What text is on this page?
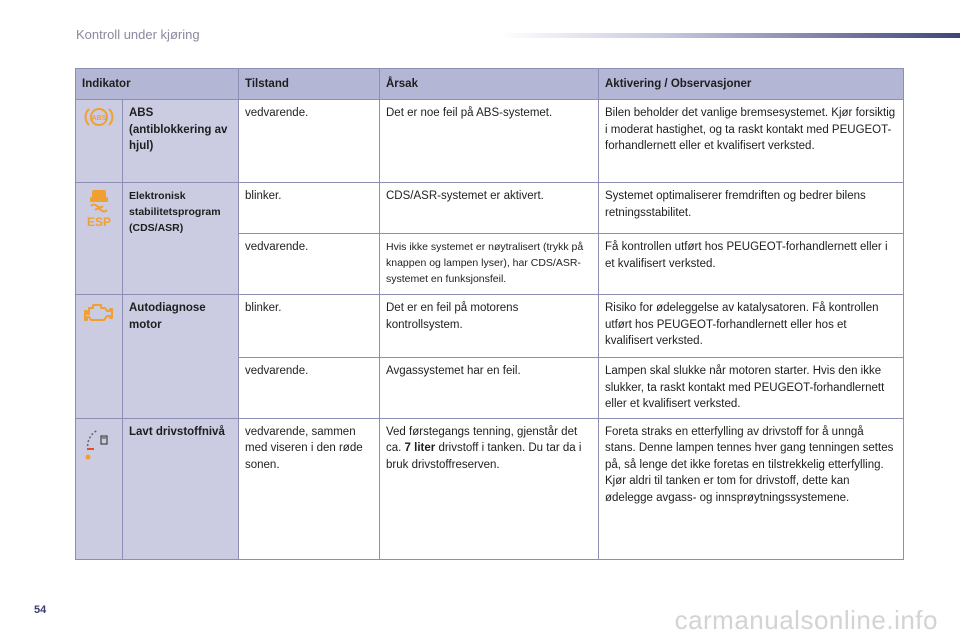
Kontroll under kjøring
Indikator		Tilstand	Årsak	Aktivering / Observasjoner

ABS	ABS (antiblokkering av hjul)	vedvarende.	Det er noe feil på ABS-systemet.	Bilen beholder det vanlige bremsesystemet. Kjør forsiktig i moderat hastighet, og ta raskt kontakt med PEUGEOT-forhandlernett eller et kvalifisert verksted.

ESP	Elektronisk stabilitetsprogram (CDS/ASR)	blinker.	CDS/ASR-systemet er aktivert.	Systemet optimaliserer fremdriften og bedrer bilens retningsstabilitet.
		vedvarende.	Hvis ikke systemet er nøytralisert (trykk på knappen og lampen lyser), har CDS/ASR-systemet en funksjonsfeil.	Få kontrollen utført hos PEUGEOT-forhandlernett eller i et kvalifisert verksted.

	Autodiagnose motor	blinker.	Det er en feil på motorens kontrollsystem.	Risiko for ødeleggelse av katalysatoren. Få kontrollen utført hos PEUGEOT-forhandlernett eller hos et kvalifisert verksted.
		vedvarende.	Avgassystemet har en feil.	Lampen skal slukke når motoren starter. Hvis den ikke slukker, ta raskt kontakt med PEUGEOT-forhandlernett eller et kvalifisert verksted.

	Lavt drivstoffnivå	vedvarende, sammen med viseren i den røde sonen.	Ved førstegangs tenning, gjenstår det ca. 7 liter drivstoff i tanken. Du tar da i bruk drivstoffreserven.	Foreta straks en etterfylling av drivstoff for å unngå stans. Denne lampen tennes hver gang tenningen settes på, så lenge det ikke foretas en tilstrekkelig etterfylling. Kjør aldri til tanken er tom for drivstoff, dette kan ødelegge avgass- og innsprøytningssystemene.
54	carmanualsonline.info
